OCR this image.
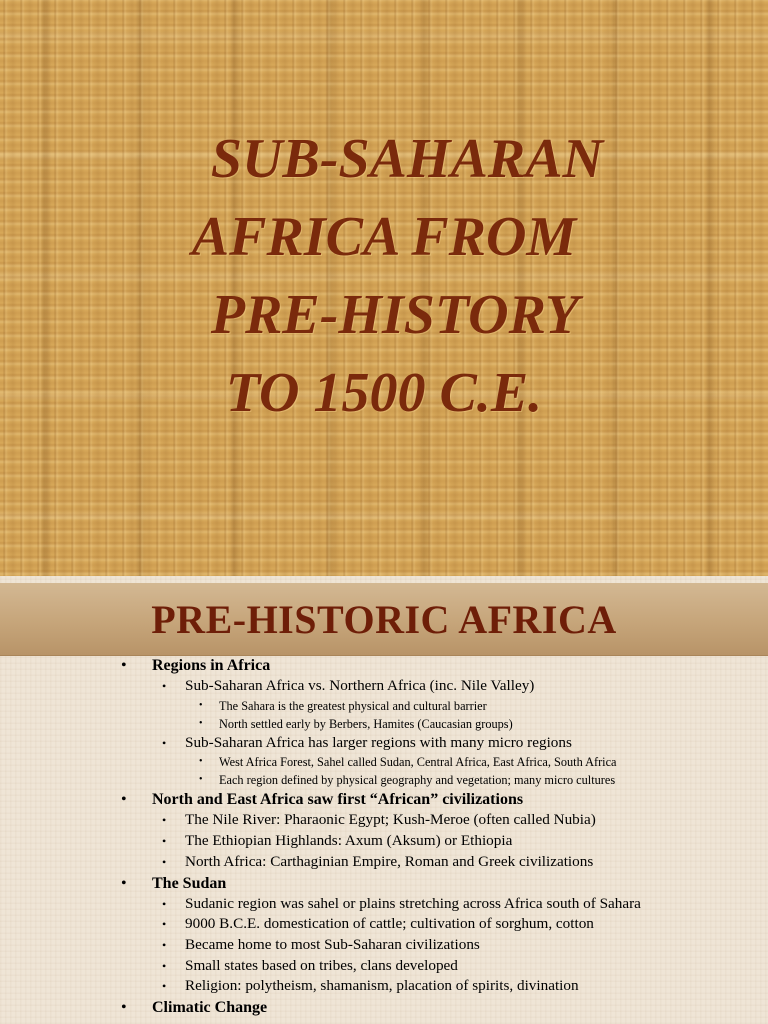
SUB-SAHARAN
AFRICA FROM
PRE-HISTORY
TO 1500 C.E.
PRE-HISTORIC AFRICA
• Regions in Africa
• Sub-Saharan Africa vs. Northern Africa (inc. Nile Valley)
• The Sahara is the greatest physical and cultural barrier
• North settled early by Berbers, Hamites (Caucasian groups)
• Sub-Saharan Africa has larger regions with many micro regions
• West Africa Forest, Sahel called Sudan, Central Africa, East Africa, South Africa
• Each region defined by physical geography and vegetation; many micro cultures
• North and East Africa saw first “African” civilizations
• The Nile River: Pharaonic Egypt; Kush-Meroe (often called Nubia)
• The Ethiopian Highlands: Axum (Aksum) or Ethiopia
• North Africa: Carthaginian Empire, Roman and Greek civilizations
• The Sudan
• Sudanic region was sahel or plains stretching across Africa south of Sahara
• 9000 B.C.E. domestication of cattle; cultivation of sorghum, cotton
• Became home to most Sub-Saharan civilizations
• Small states based on tribes, clans developed
• Religion: polytheism, shamanism, placation of spirits, divination
• Climatic Change
